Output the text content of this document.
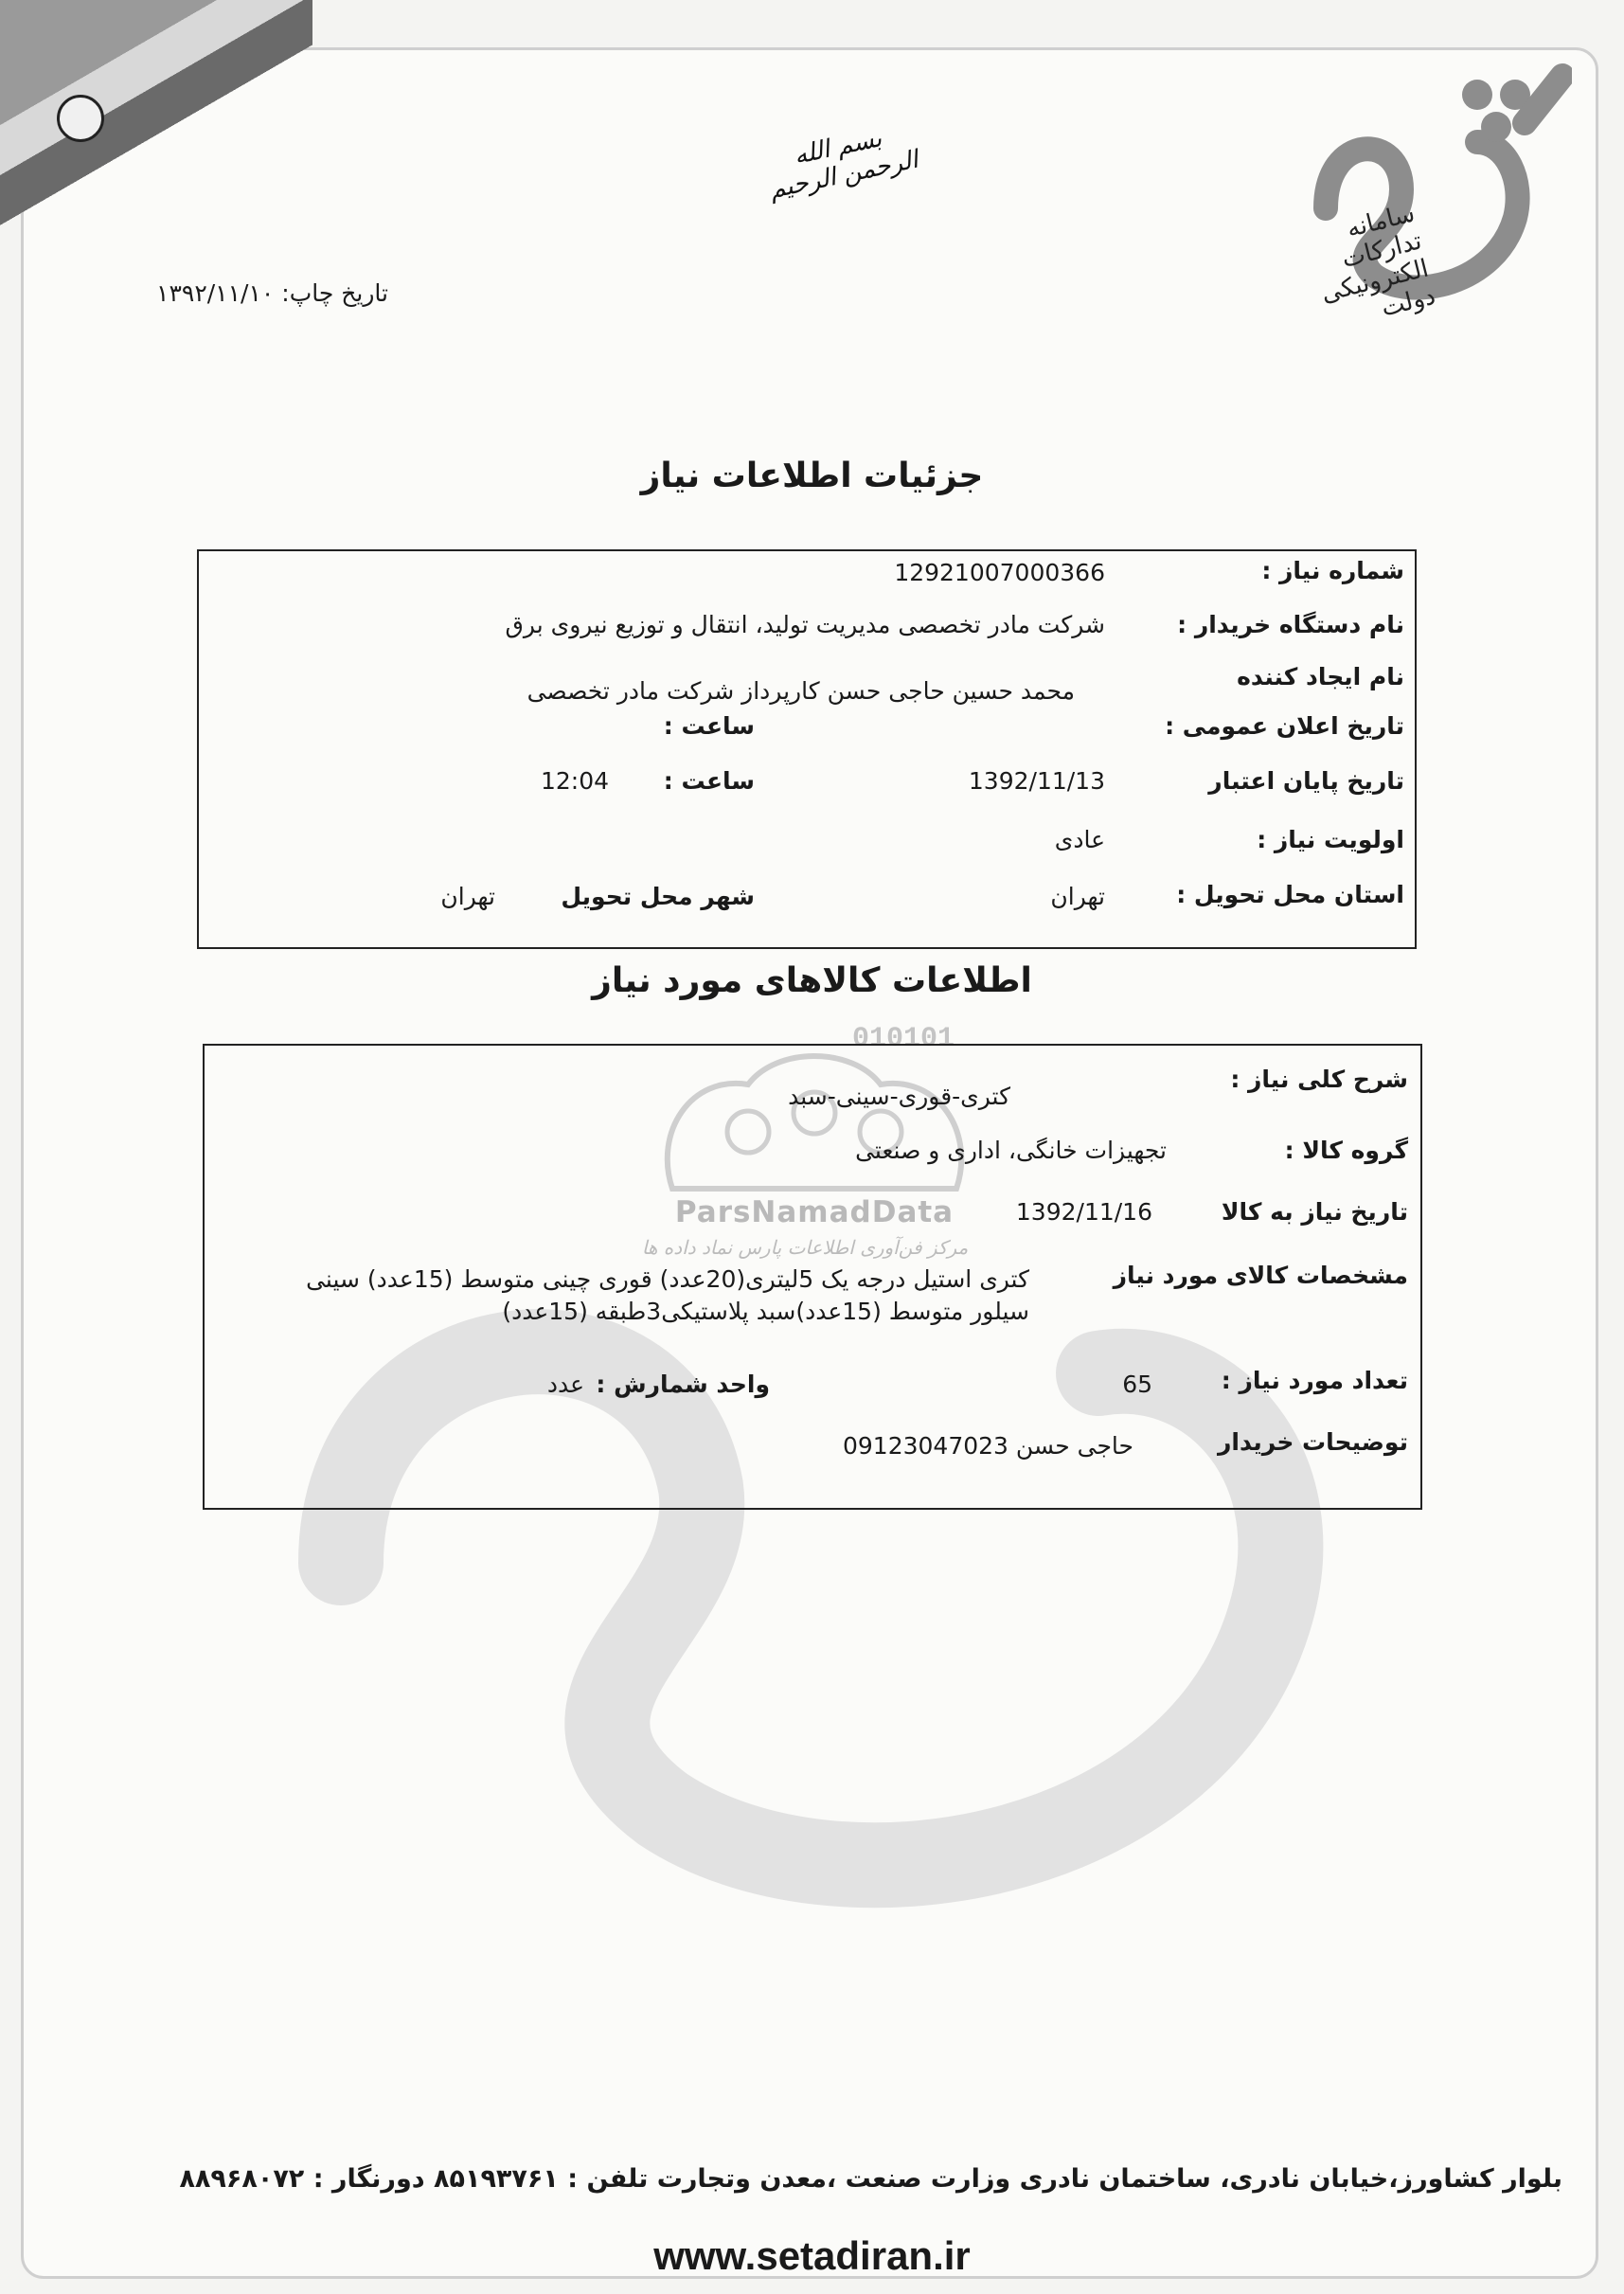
بسم الله الرحمن الرحیم
سامانه تدارکات الکترونیکی دولت
تاریخ چاپ: ۱۳۹۲/۱۱/۱۰
010101
ParsNamadData
مرکز فن‌آوری اطلاعات پارس نماد داده ها
جزئیات اطلاعات نیاز
شماره نیاز :
12921007000366
نام دستگاه خریدار :
شرکت مادر تخصصی مدیریت تولید، انتقال و توزیع نیروی برق
نام ایجاد کننده
محمد حسین حاجی حسن کارپرداز شرکت مادر تخصصی
تاریخ اعلان عمومی :
ساعت :
تاریخ پایان اعتبار
1392/11/13
ساعت :
12:04
اولویت نیاز :
عادی
استان محل تحویل :
تهران
شهر محل تحویل
تهران
اطلاعات کالاهای مورد نیاز
شرح کلی نیاز :
کتری-قوری-سینی-سبد
گروه کالا :
تجهیزات خانگی، اداری و صنعتی
تاریخ نیاز به کالا
1392/11/16
مشخصات کالای مورد نیاز
کتری استیل درجه یک 5لیتری(20عدد) قوری چینی متوسط (15عدد) سینی
سیلور متوسط (15عدد)سبد پلاستیکی3طبقه (15عدد)
تعداد مورد نیاز :
65
واحد شمارش :
عدد
توضیحات خریدار
حاجی حسن 09123047023
بلوار کشاورز،خیابان نادری، ساختمان نادری وزارت صنعت ،معدن وتجارت تلفن : ۸۵۱۹۳۷۶۱ دورنگار : ۸۸۹۶۸۰۷۲
www.setadiran.ir
